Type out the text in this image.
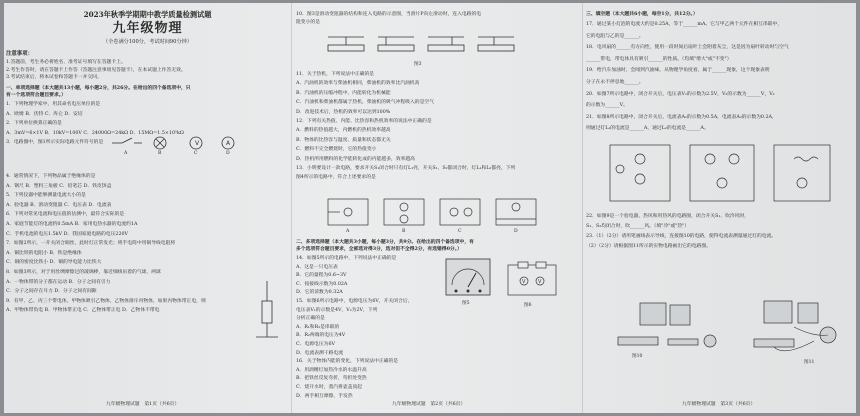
2023年秋季学期期中教学质量检测试题
九年级物理
（全卷满分100分，考试时间90分钟）
注意事项：
1.答题前，考生务必将姓名、准考证号填写在答题卡上。
2.考生作答时，请在答题卡上作答（答题注意事项见答题卡），在本试题上作答无效。
3.考试结束后，将本试卷和答题卡一并交回。
一、单项选择题（本大题共13小题，每小题2分，共26分。在给出的四个备选项中，只
有一个选项符合题目要求。）
1．下列物理学家中，用其命名电压单位的是
A．欧姆 B．伏特 C．库仑 D．安培
2．下列单位换算正确的是
A．3mV=6×1V B．10kV=100V C．24000Ω=24kΩ D．15MΩ=1.5×10⁵kΩ
3．电路图中，图1所示实际电路元件符号的是
4．通常情况下，下列物品属于绝缘体的是
A．钢尺 B．塑料三角板 C．铅笔芯 D．铁皮饼盒
5．下列仪器中能够测量电流大小的是
A．验电器 B．滑动变阻器 C．电压表 D．电流表
6．下列对常见电流和电压值的估测中，最符合实际的是
A．家庭节能灯的电流约0.5mA B．家用电热水器的电流约1A
C．手机电池的电压1.5kV D．我国家庭电路的电压220V
7．如图2所示，一开关闭合铜丝，此时灯正常发光；将手电筒中用铜导线电阻将
A．铜比铁的电阻小 B．铁是绝缘体
C．铜的密度比铁小 D．铜的导电能力比铁大
8．如图3所示，对于用丝绸摩擦过的玻璃棒，靠近细线吊着的气球，两球
A．一物体带的分子都在运动 B．分子之间有引力
C．分子之间存在斥力 D．分子之间有间隙
9．有甲、乙、丙三个带电体，甲物体吸引乙物体，乙物体排斥丙物体，如果丙物体带正电，则
A．甲物体带负电 B．甲物体带正电 C．乙物体带正电 D．乙物体不带电
V	A
A	B	C	D
九年级物理试题　第1页（共6页）
10．图3是滑动变阻器的结构和连入电路的示意图，当滑片P向左滑动时，连入电路的电
阻变小的是
图3
11．关于热机，下列说法中正确的是
A．汽油机的效率与柴油机相同，柴油机的效率比汽油机高
B．汽油机的压缩冲程中，内能转化为机械能
C．汽油机和柴油机都属于热机，柴油机的吸气冲程吸入的是空气
D．改进技术后，热机的效率可以达到100%
12．下列有关热值、内能、比热容和热机效率的说法中正确的是
A．燃料的热值越大，内燃机的热机效率越高
B．物体的比热容与温度、质量和状态都无关
C．燃料不完全燃烧时，它的热值变小
D．热机所用燃料的化学能转化成的内能越多，效率越高
13．小明要设计一款电路，要求开关S₁闭合时只有灯L₁亮，开关S₁、S₂都闭合时，灯L₁和L₂都亮，下列
图4所示的电路中，符合上述要求的是
A	B	C	D
二、多项选择题（本大题共3小题，每小题3分，共9分。在给出的四个备选项中，有
多个选项符合题目要求，全部选对得3分，选对但不全得2分，有选错得0分。）
14．如图5所示的电路中，下列说法中正确的是
A．这是一只电压表
B．它的量程为0.6~3V
C．按接线示数为0.02A
D．它的读数为0.32A
15．如图6所示电路中，电源电压为6V，开关闭合后，
电压表V₁的示数是4V，V₂为2V，下列
分析正确的是
A．R₁和R₂是串联的
B．R₂两端的电压为4V
C．电源电压为6V
D．电流表测干路电流
16．关于物体内能的变化，下列说法中正确的是
A．用酒精灯加热冷水的水温升高
B．把铁丝反复弯折，弯折处变热
C．烧开水时，蒸汽将壶盖顶起
D．两手相互摩擦，手发热
图5
V	V
图6
九年级物理试题　第2页（共6页）
三、填空题（本大题共6小题，每空1分，共12分。）
17．通过某小灯泡的电流大约是0.25A，等于______mA。它与甲乙两个元件在相互串联中，
它的电阻与乙的是______。
18．电风扇的______有方向性，使用一段时间后扇叶上会附着灰尘，这是因为扇叶转动时与空气
______带电，带电体具有吸引______的性质。（均填"增大"或"不变"）
19．给汽车加油时，会闻到汽油味，从物理学角度看，属于______现象，这个现象表明
分子在永不停息地______。
20．如图7所示电路中，闭合开关后，电压表V₁的示数为2.5V，V₂的示数为______V，V₂
的示数为______V。
21．如图8所示电路中，闭合开关后，电流表A₁的示数为0.5A，电流表A₂的示数为0.2A，
则通过灯L₁的电流是______A，通过L₂的电流是______A。
22．如图9是一个验电器，热风和用热风的电路图，闭合开关S₁、吹冷风时，
S₁、S₂均闭合时，吹______风。（填"冷"或"热"）
23.（1）（2分）请用笔画线表示导线，连接图10的电路，使得电流表测量通过灯的电流。
（2）（2分）请根据图11所示的实物电路画出它的电路图。
图10
图11
九年级物理试题　第3页（共6页）
